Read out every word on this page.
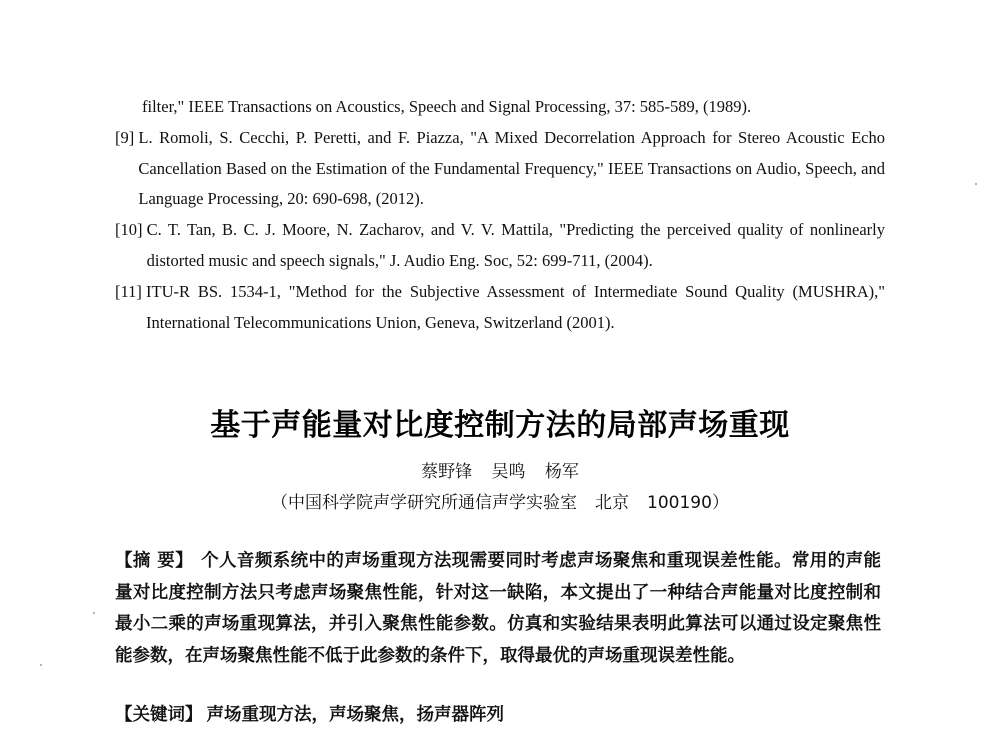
filter," IEEE Transactions on Acoustics, Speech and Signal Processing, 37: 585-589, (1989).

[9] L. Romoli, S. Cecchi, P. Peretti, and F. Piazza, "A Mixed Decorrelation Approach for Stereo Acoustic Echo Cancellation Based on the Estimation of the Fundamental Frequency," IEEE Transactions on Audio, Speech, and Language Processing, 20: 690-698, (2012).

[10] C. T. Tan, B. C. J. Moore, N. Zacharov, and V. V. Mattila, "Predicting the perceived quality of nonlinearly distorted music and speech signals," J. Audio Eng. Soc, 52: 699-711, (2004).

[11] ITU-R BS. 1534-1, "Method for the Subjective Assessment of Intermediate Sound Quality (MUSHRA)," International Telecommunications Union, Geneva, Switzerland (2001).

基于声能量对比度控制方法的局部声场重现
蔡野锋 吴鸣 杨军
（中国科学院声学研究所通信声学实验室 北京 100190）
【摘 要】 个人音频系统中的声场重现方法现需要同时考虑声场聚焦和重现误差性能。常用的声能量对比度控制方法只考虑声场聚焦性能，针对这一缺陷，本文提出了一种结合声能量对比度控制和最小二乘的声场重现算法，并引入聚焦性能参数。仿真和实验结果表明此算法可以通过设定聚焦性能参数，在声场聚焦性能不低于此参数的条件下，取得最优的声场重现误差性能。
【关键词】 声场重现方法，声场聚焦，扬声器阵列
